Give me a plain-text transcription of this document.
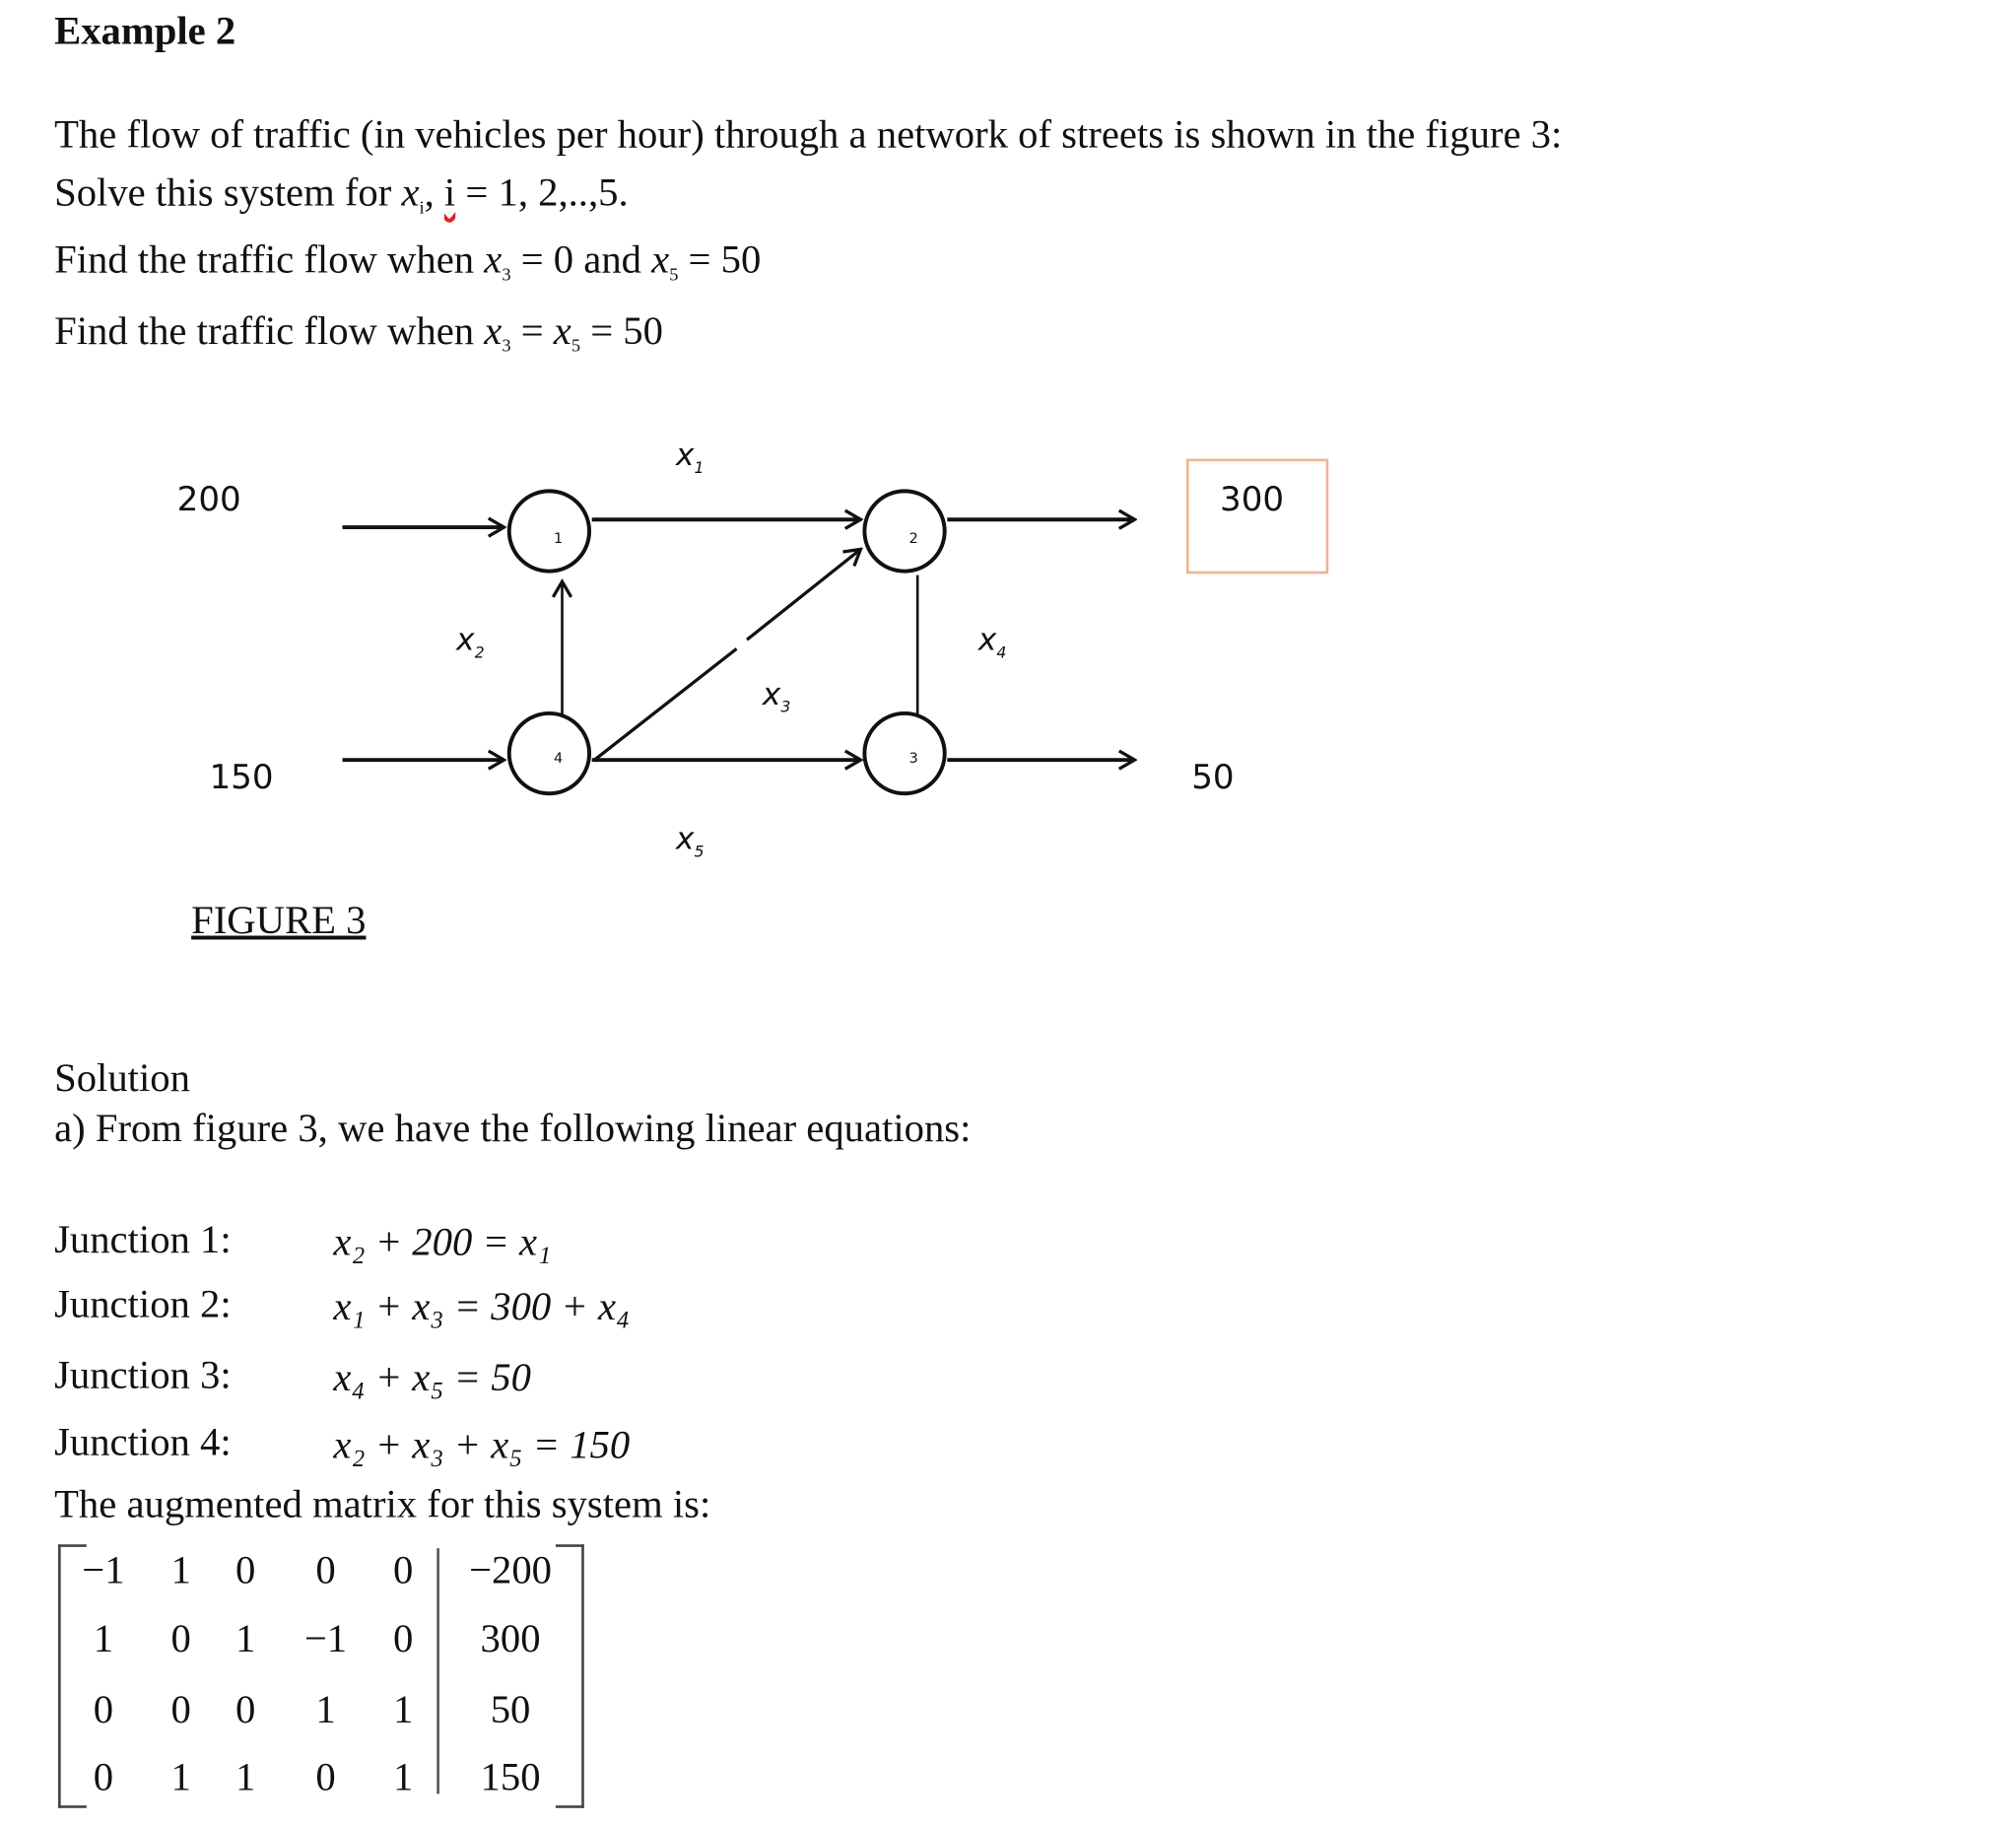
Example 2
The flow of traffic (in vehicles per hour) through a network of streets is shown in the figure 3:
Solve this system for $x_i$, i = 1, 2,..,5.
Find the traffic flow when $x_3 = 0$ and $x_5 = 50$
Find the traffic flow when $x_3 = x_5 = 50$
1	2
3
4
200
150
300
50
$x_1$
$x_2$
$x_3$
$x_4$
$x_5$
FIGURE 3
Solution
a) From figure 3, we have the following linear equations:
Junction 1:	x₂ + 200 = x₁
Junction 2:	x₁ + x₃ = 300 + x₄
Junction 3:	x₄ + x₅ = 50
Junction 4:	x₂ + x₃ + x₅ = 150
The augmented matrix for this system is:
−1	1	0	0	0	−200
1	0	1	−1	0	300
0	0	0	1	1	50
0	1	1	0	1	150
